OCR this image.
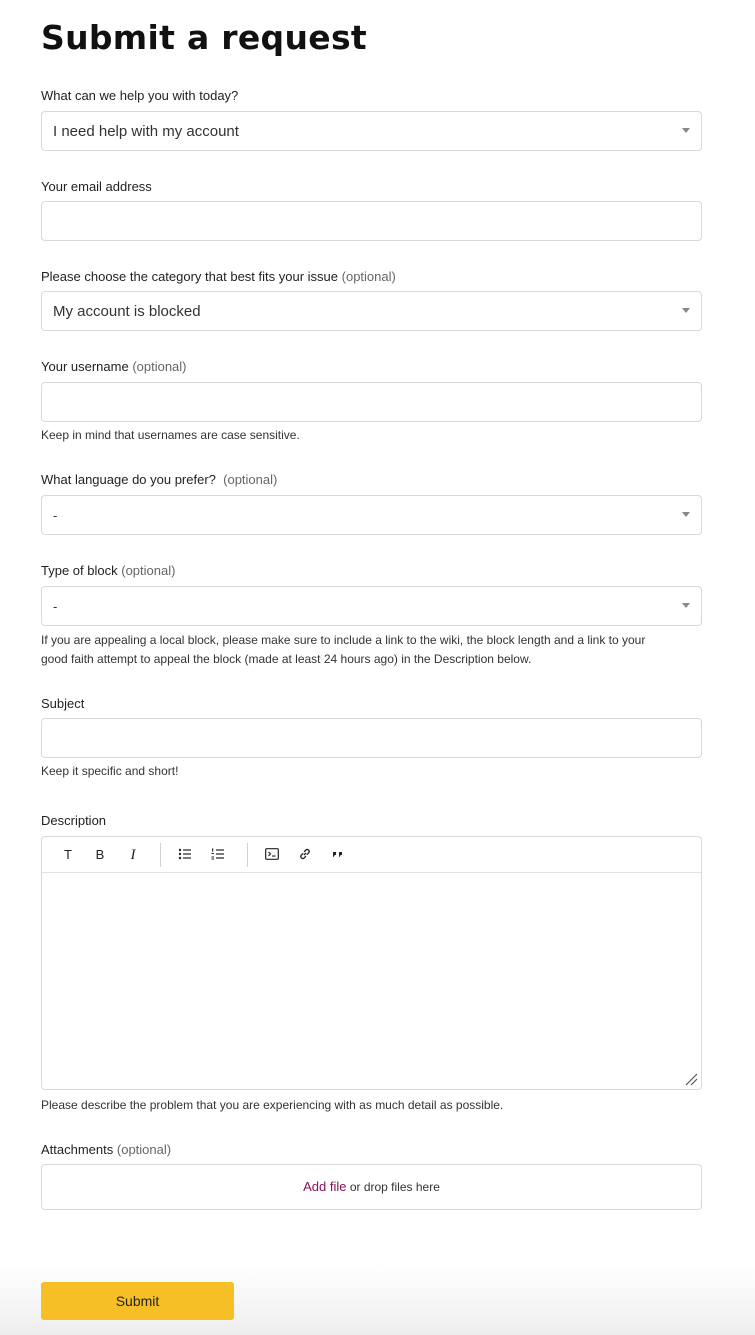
Submit a request
What can we help you with today?
I need help with my account
Your email address
Please choose the category that best fits your issue (optional)
My account is blocked
Your username (optional)
Keep in mind that usernames are case sensitive.
What language do you prefer? (optional)
-
Type of block (optional)
-
If you are appealing a local block, please make sure to include a link to the wiki, the block length and a link to your
good faith attempt to appeal the block (made at least 24 hours ago) in the Description below.
Subject
Keep it specific and short!
Description
T	B	I
Please describe the problem that you are experiencing with as much detail as possible.
Attachments (optional)
Add file or drop files here
Submit
